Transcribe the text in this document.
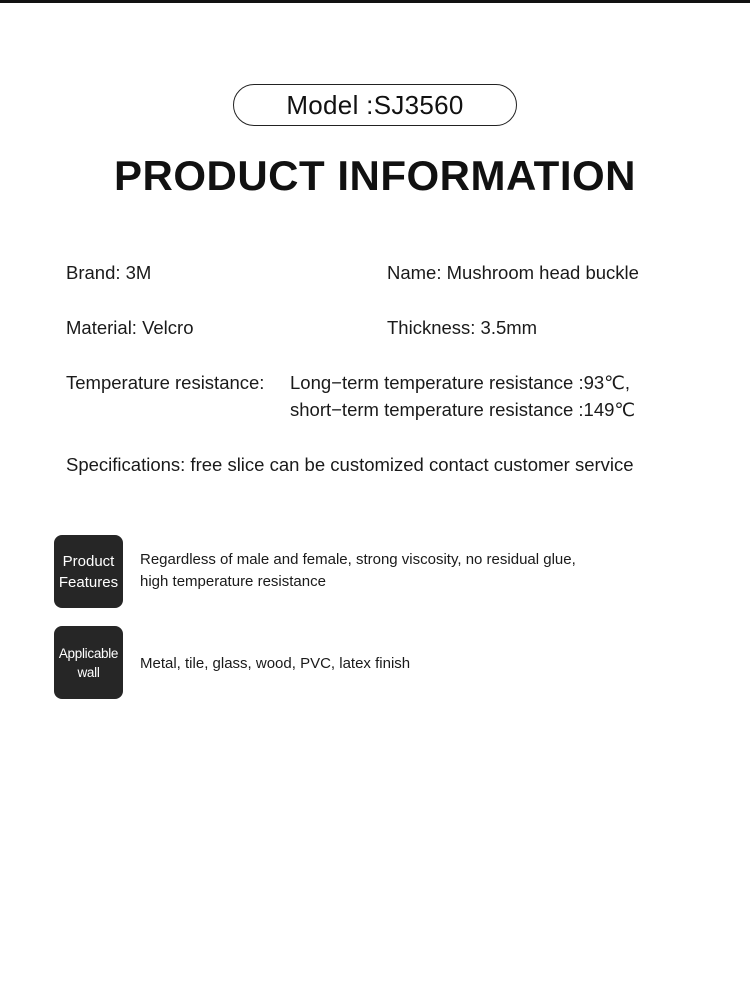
Model :SJ3560
PRODUCT INFORMATION
Brand: 3M	Name: Mushroom head buckle
Material: Velcro	Thickness: 3.5mm
Temperature resistance: Long−term temperature resistance :93℃,
short−term temperature resistance :149℃
Specifications: free slice can be customized contact customer service
Product
Features
Regardless of male and female, strong viscosity, no residual glue,
high temperature resistance
Applicable
wall	Metal, tile, glass, wood, PVC, latex finish
